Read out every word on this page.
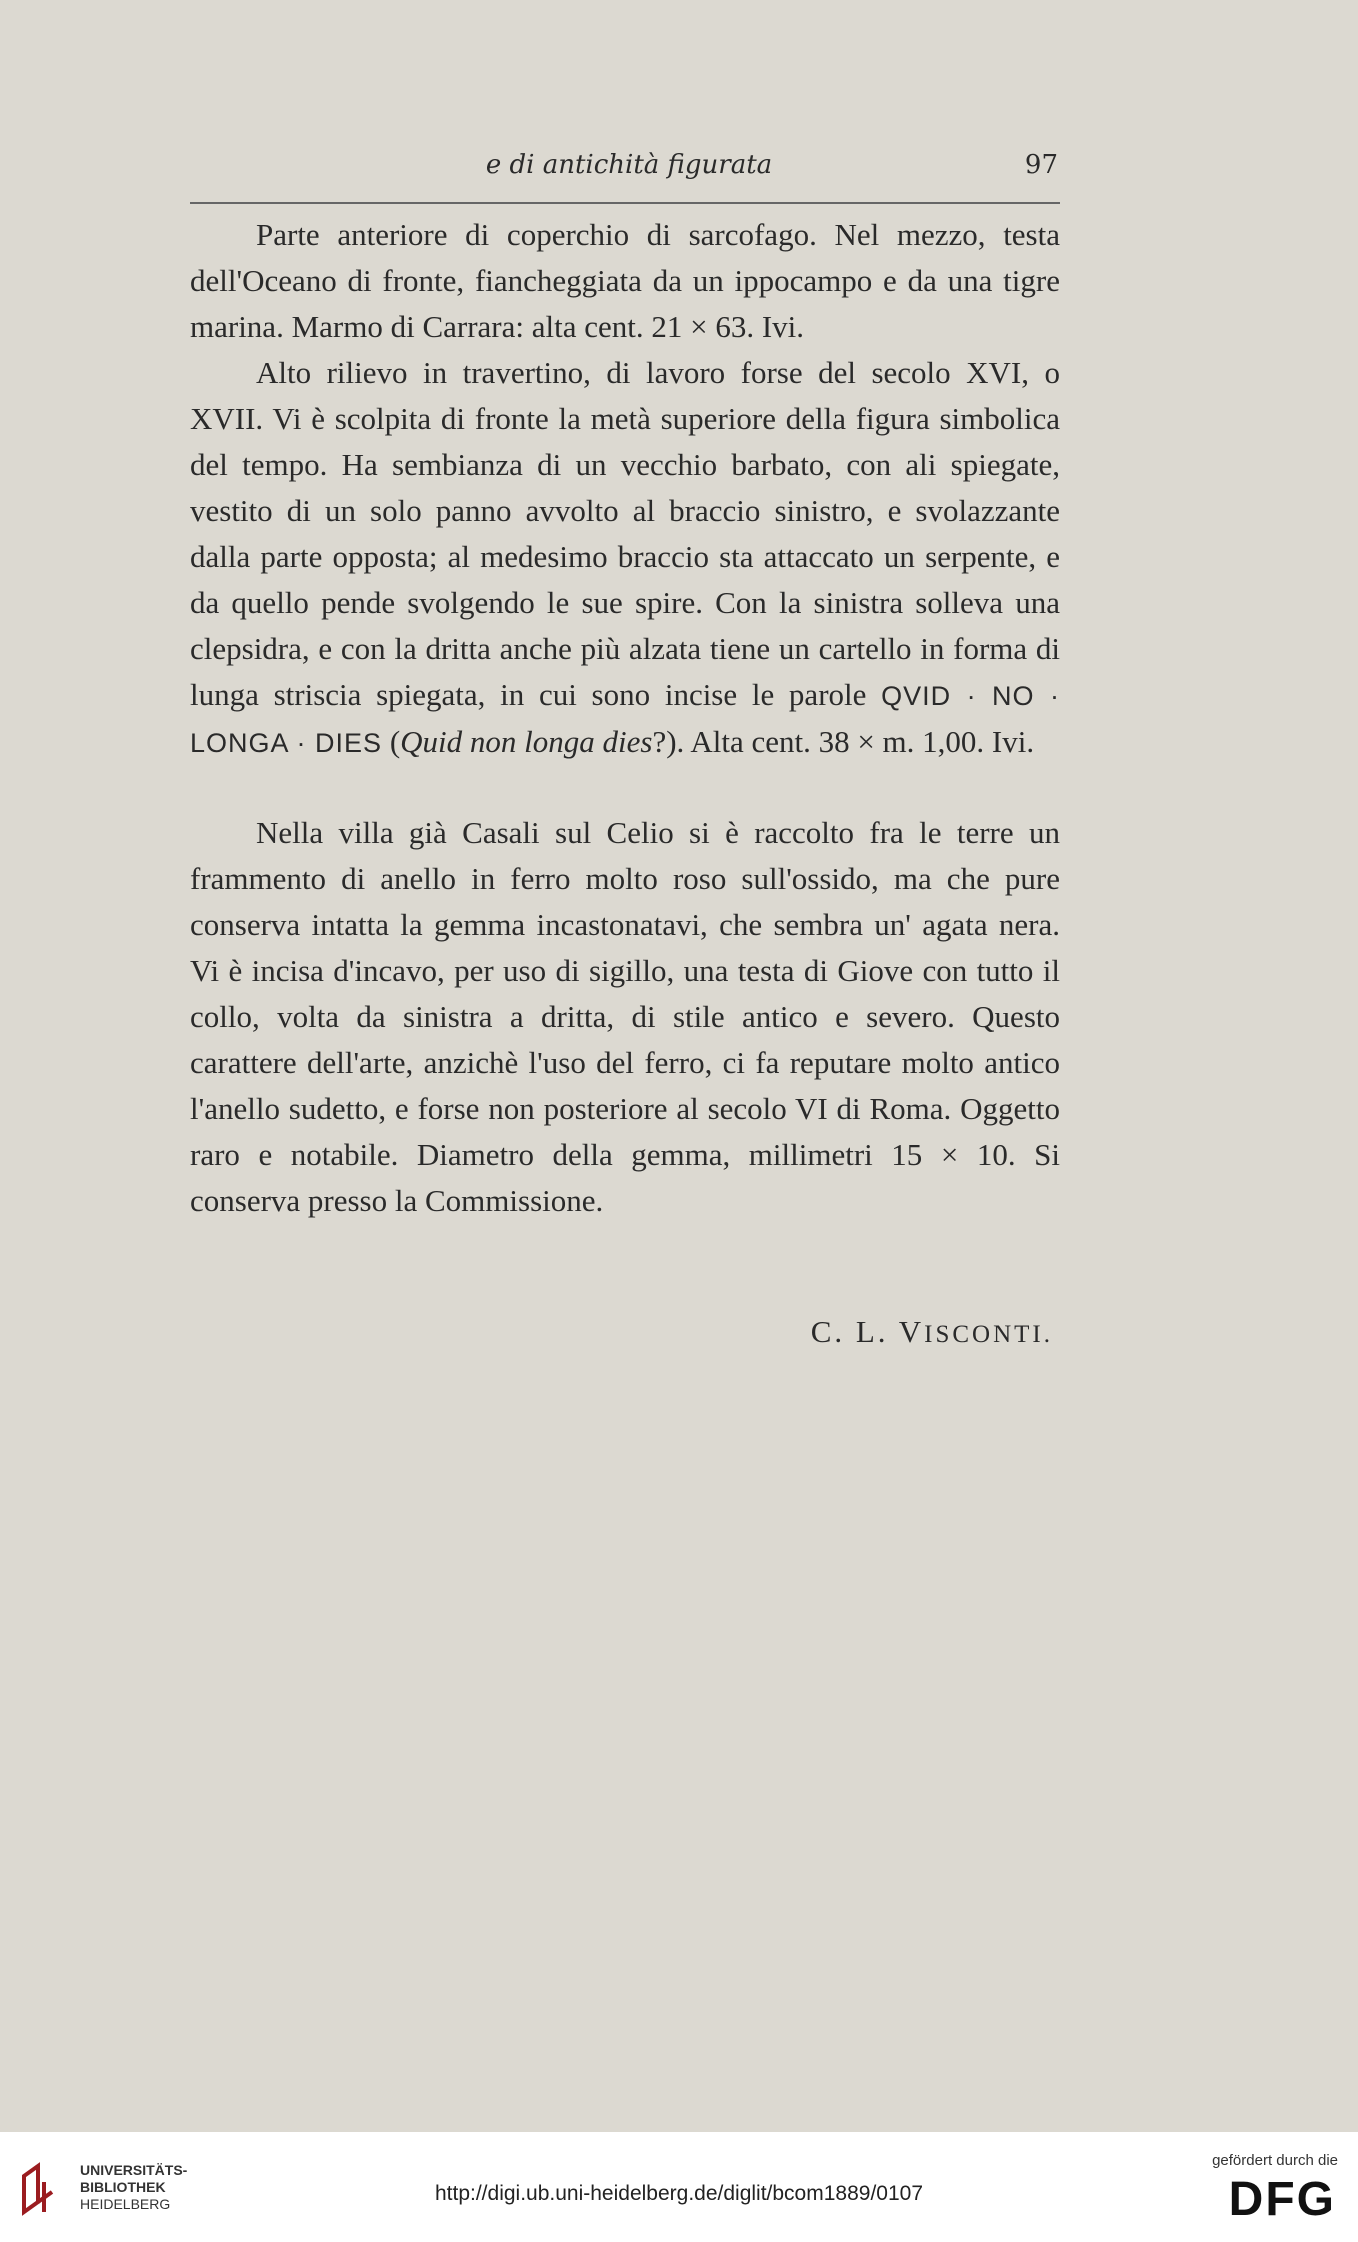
e di antichità figurata	97

Parte anteriore di coperchio di sarcofago. Nel mezzo, testa dell'Oceano di fronte, fiancheggiata da un ippocampo e da una tigre marina. Marmo di Carrara: alta cent. 21 × 63. Ivi.

Alto rilievo in travertino, di lavoro forse del secolo XVI, o XVII. Vi è scolpita di fronte la metà superiore della figura simbolica del tempo. Ha sembianza di un vecchio barbato, con ali spiegate, vestito di un solo panno avvolto al braccio sinistro, e svolazzante dalla parte opposta; al medesimo braccio sta attaccato un serpente, e da quello pende svolgendo le sue spire. Con la sinistra solleva una clepsidra, e con la dritta anche più alzata tiene un cartello in forma di lunga striscia spiegata, in cui sono incise le parole QVID · NO · LONGA · DIES (Quid non longa dies?). Alta cent. 38 × m. 1,00. Ivi.

Nella villa già Casali sul Celio si è raccolto fra le terre un frammento di anello in ferro molto roso sull'ossido, ma che pure conserva intatta la gemma incastonatavi, che sembra un' agata nera. Vi è incisa d'incavo, per uso di sigillo, una testa di Giove con tutto il collo, volta da sinistra a dritta, di stile antico e severo. Questo carattere dell'arte, anzichè l'uso del ferro, ci fa reputare molto antico l'anello sudetto, e forse non posteriore al secolo VI di Roma. Oggetto raro e notabile. Diametro della gemma, millimetri 15 × 10. Si conserva presso la Commissione.

C. L. VISCONTI.
UNIVERSITÄTS-
BIBLIOTHEK
HEIDELBERG	http://digi.ub.uni-heidelberg.de/diglit/bcom1889/0107
gefördert durch die
DFG
